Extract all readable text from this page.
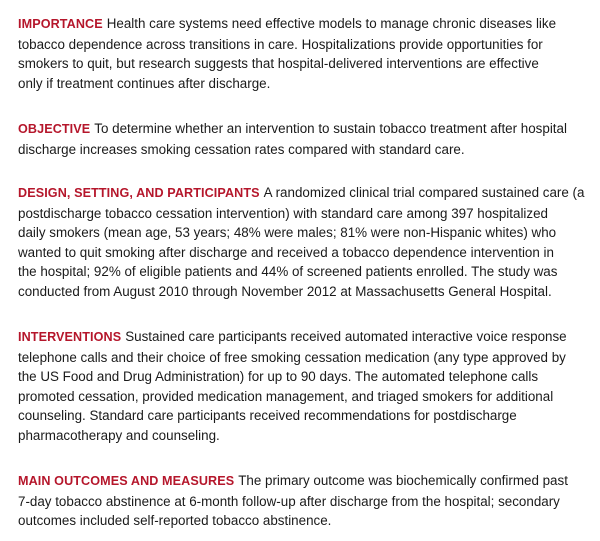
IMPORTANCE Health care systems need effective models to manage chronic diseases like
tobacco dependence across transitions in care. Hospitalizations provide opportunities for
smokers to quit, but research suggests that hospital-delivered interventions are effective
only if treatment continues after discharge.
OBJECTIVE To determine whether an intervention to sustain tobacco treatment after hospital
discharge increases smoking cessation rates compared with standard care.
DESIGN, SETTING, AND PARTICIPANTS A randomized clinical trial compared sustained care (a
postdischarge tobacco cessation intervention) with standard care among 397 hospitalized
daily smokers (mean age, 53 years; 48% were males; 81% were non-Hispanic whites) who
wanted to quit smoking after discharge and received a tobacco dependence intervention in
the hospital; 92% of eligible patients and 44% of screened patients enrolled. The study was
conducted from August 2010 through November 2012 at Massachusetts General Hospital.
INTERVENTIONS Sustained care participants received automated interactive voice response
telephone calls and their choice of free smoking cessation medication (any type approved by
the US Food and Drug Administration) for up to 90 days. The automated telephone calls
promoted cessation, provided medication management, and triaged smokers for additional
counseling. Standard care participants received recommendations for postdischarge
pharmacotherapy and counseling.
MAIN OUTCOMES AND MEASURES The primary outcome was biochemically confirmed past
7-day tobacco abstinence at 6-month follow-up after discharge from the hospital; secondary
outcomes included self-reported tobacco abstinence.
